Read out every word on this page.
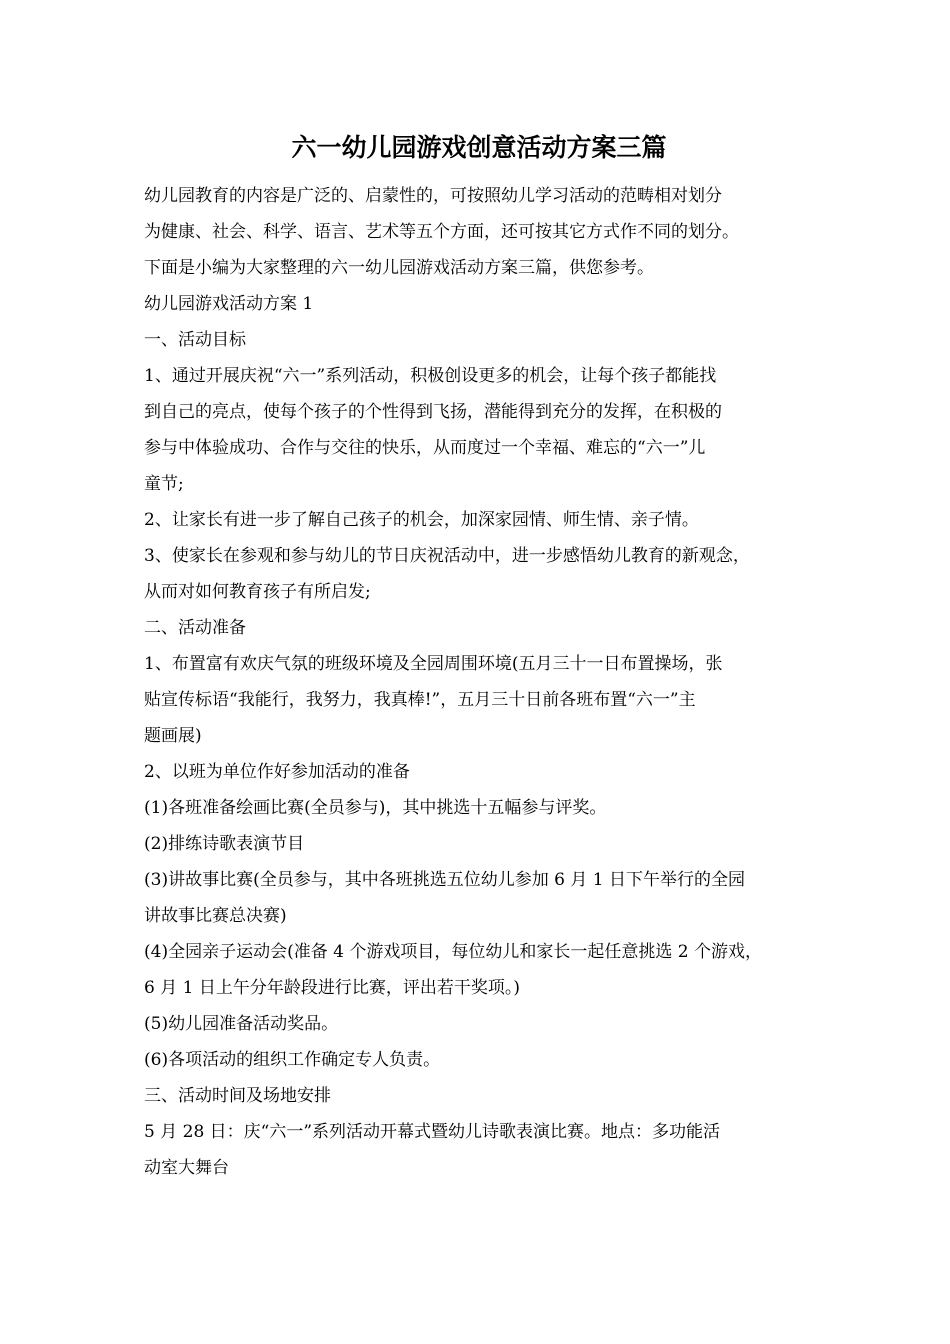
六一幼儿园游戏创意活动方案三篇
幼儿园教育的内容是广泛的、启蒙性的，可按照幼儿学习活动的范畴相对划分
为健康、社会、科学、语言、艺术等五个方面，还可按其它方式作不同的划分。
下面是小编为大家整理的六一幼儿园游戏活动方案三篇，供您参考。
幼儿园游戏活动方案 1
一、活动目标
1、通过开展庆祝“六一”系列活动，积极创设更多的机会，让每个孩子都能找
到自己的亮点，使每个孩子的个性得到飞扬，潜能得到充分的发挥，在积极的
参与中体验成功、合作与交往的快乐，从而度过一个幸福、难忘的“六一”儿
童节;
2、让家长有进一步了解自己孩子的机会，加深家园情、师生情、亲子情。
3、使家长在参观和参与幼儿的节日庆祝活动中，进一步感悟幼儿教育的新观念，
从而对如何教育孩子有所启发;
二、活动准备
1、布置富有欢庆气氛的班级环境及全园周围环境(五月三十一日布置操场，张
贴宣传标语“我能行，我努力，我真棒!”，五月三十日前各班布置“六一”主
题画展)
2、以班为单位作好参加活动的准备
(1)各班准备绘画比赛(全员参与)，其中挑选十五幅参与评奖。
(2)排练诗歌表演节目
(3)讲故事比赛(全员参与，其中各班挑选五位幼儿参加 6 月 1 日下午举行的全园
讲故事比赛总决赛)
(4)全园亲子运动会(准备 4 个游戏项目，每位幼儿和家长一起任意挑选 2 个游戏，
6 月 1 日上午分年龄段进行比赛，评出若干奖项。)
(5)幼儿园准备活动奖品。
(6)各项活动的组织工作确定专人负责。
三、活动时间及场地安排
5 月 28 日：庆“六一”系列活动开幕式暨幼儿诗歌表演比赛。地点：多功能活
动室大舞台
